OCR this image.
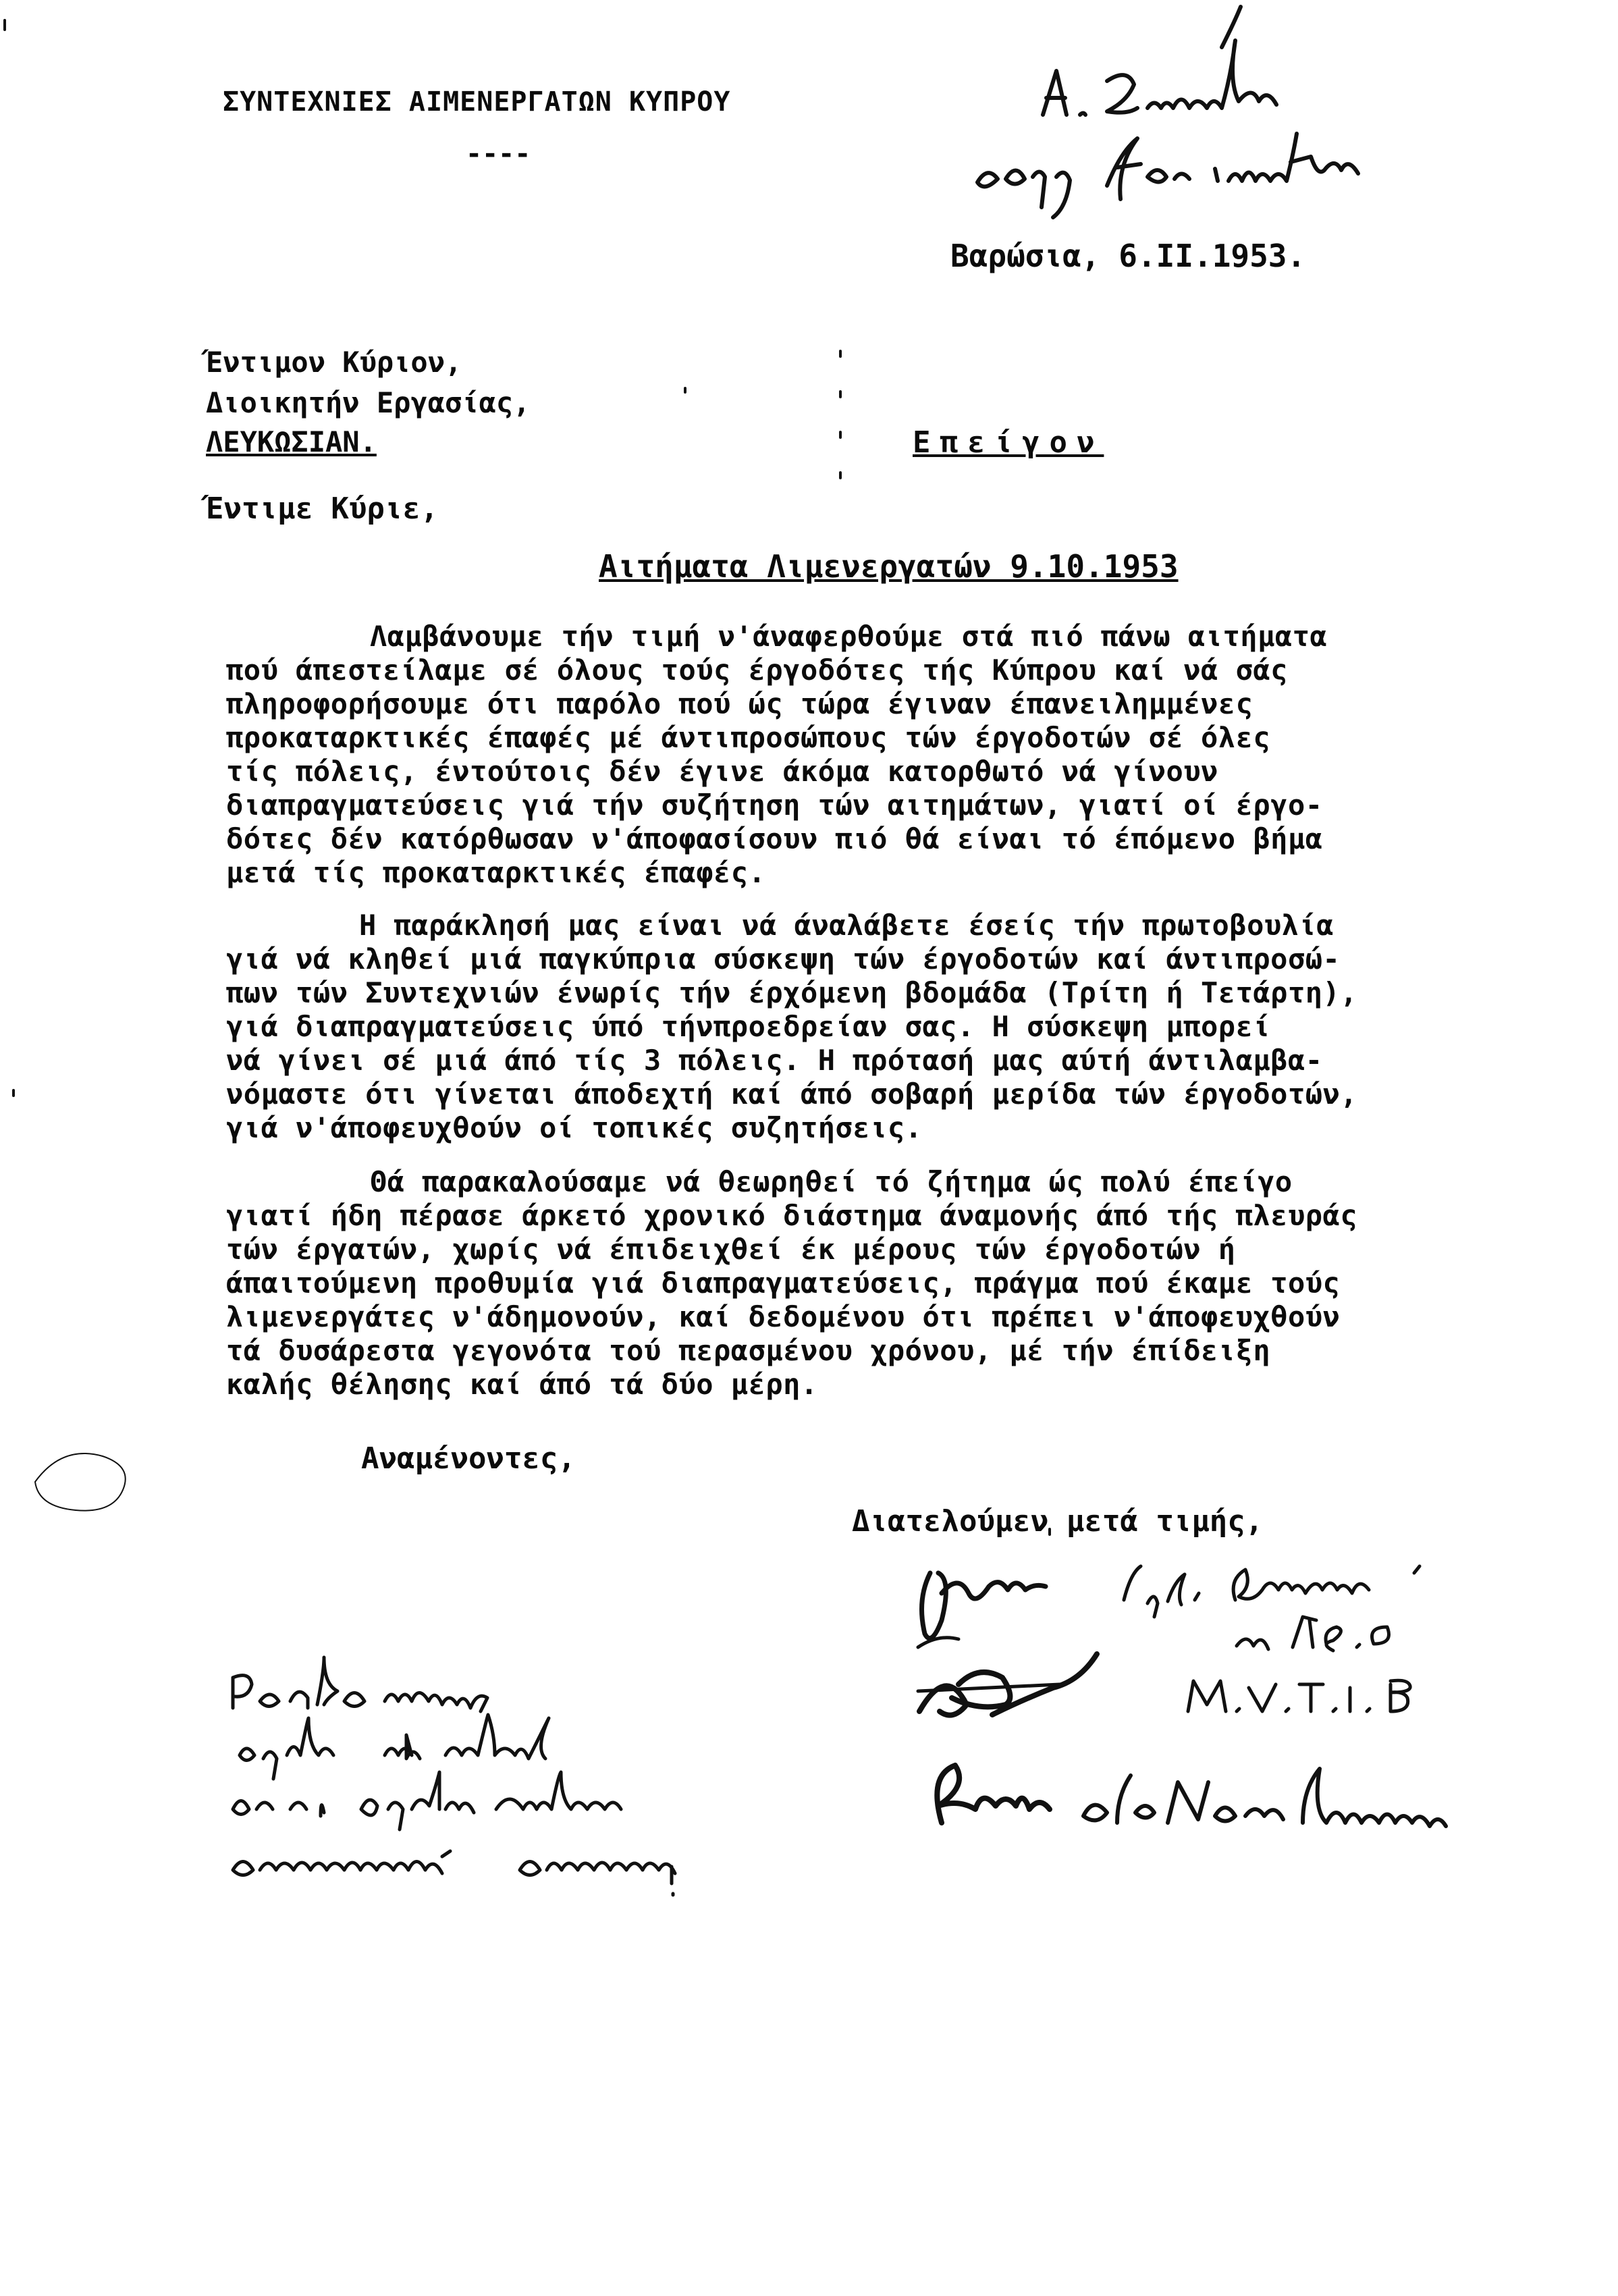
ΣΥΝΤΕΧΝΙΕΣ ΑΙΜΕΝΕΡΓΑΤΩΝ ΚΥΠΡΟΥ
----
Βαρώσια, 6.II.1953.
Έντιμον Κύριον,
Διοικητήν Εργασίας,
ΛΕΥΚΩΣΙΑΝ.	Επείγον
Έντιμε Κύριε,
Αιτήματα Λιμενεργατών 9.10.1953
Λαμβάνουμε τήν τιμή ν'άναφερθούμε στά πιό πάνω αιτήματα
πού άπεστείλαμε σέ όλους τούς έργοδότες τής Κύπρου καί νά σάς
πληροφορήσουμε ότι παρόλο πού ώς τώρα έγιναν έπανειλημμένες
προκαταρκτικές έπαφές μέ άντιπροσώπους τών έργοδοτών σέ όλες
τίς πόλεις, έντούτοις δέν έγινε άκόμα κατορθωτό νά γίνουν
διαπραγματεύσεις γιά τήν συζήτηση τών αιτημάτων, γιατί οί έργο-
δότες δέν κατόρθωσαν ν'άποφασίσουν πιό θά είναι τό έπόμενο βήμα
μετά τίς προκαταρκτικές έπαφές.
Η παράκλησή μας είναι νά άναλάβετε έσείς τήν πρωτοβουλία
γιά νά κληθεί μιά παγκύπρια σύσκεψη τών έργοδοτών καί άντιπροσώ-
πων τών Συντεχνιών ένωρίς τήν έρχόμενη βδομάδα (Τρίτη ή Τετάρτη),
γιά διαπραγματεύσεις ύπό τήνπροεδρείαν σας. Η σύσκεψη μπορεί
νά γίνει σέ μιά άπό τίς 3 πόλεις. Η πρότασή μας αύτή άντιλαμβα-
νόμαστε ότι γίνεται άποδεχτή καί άπό σοβαρή μερίδα τών έργοδοτών,
γιά ν'άποφευχθούν οί τοπικές συζητήσεις.
Θά παρακαλούσαμε νά θεωρηθεί τό ζήτημα ώς πολύ έπείγο
γιατί ήδη πέρασε άρκετό χρονικό διάστημα άναμονής άπό τής πλευράς
τών έργατών, χωρίς νά έπιδειχθεί έκ μέρους τών έργοδοτών ή
άπαιτούμενη προθυμία γιά διαπραγματεύσεις, πράγμα πού έκαμε τούς
λιμενεργάτες ν'άδημονούν, καί δεδομένου ότι πρέπει ν'άποφευχθούν
τά δυσάρεστα γεγονότα τού περασμένου χρόνου, μέ τήν έπίδειξη
καλής θέλησης καί άπό τά δύο μέρη.
Αναμένοντες,
Διατελούμεν μετά τιμής,
